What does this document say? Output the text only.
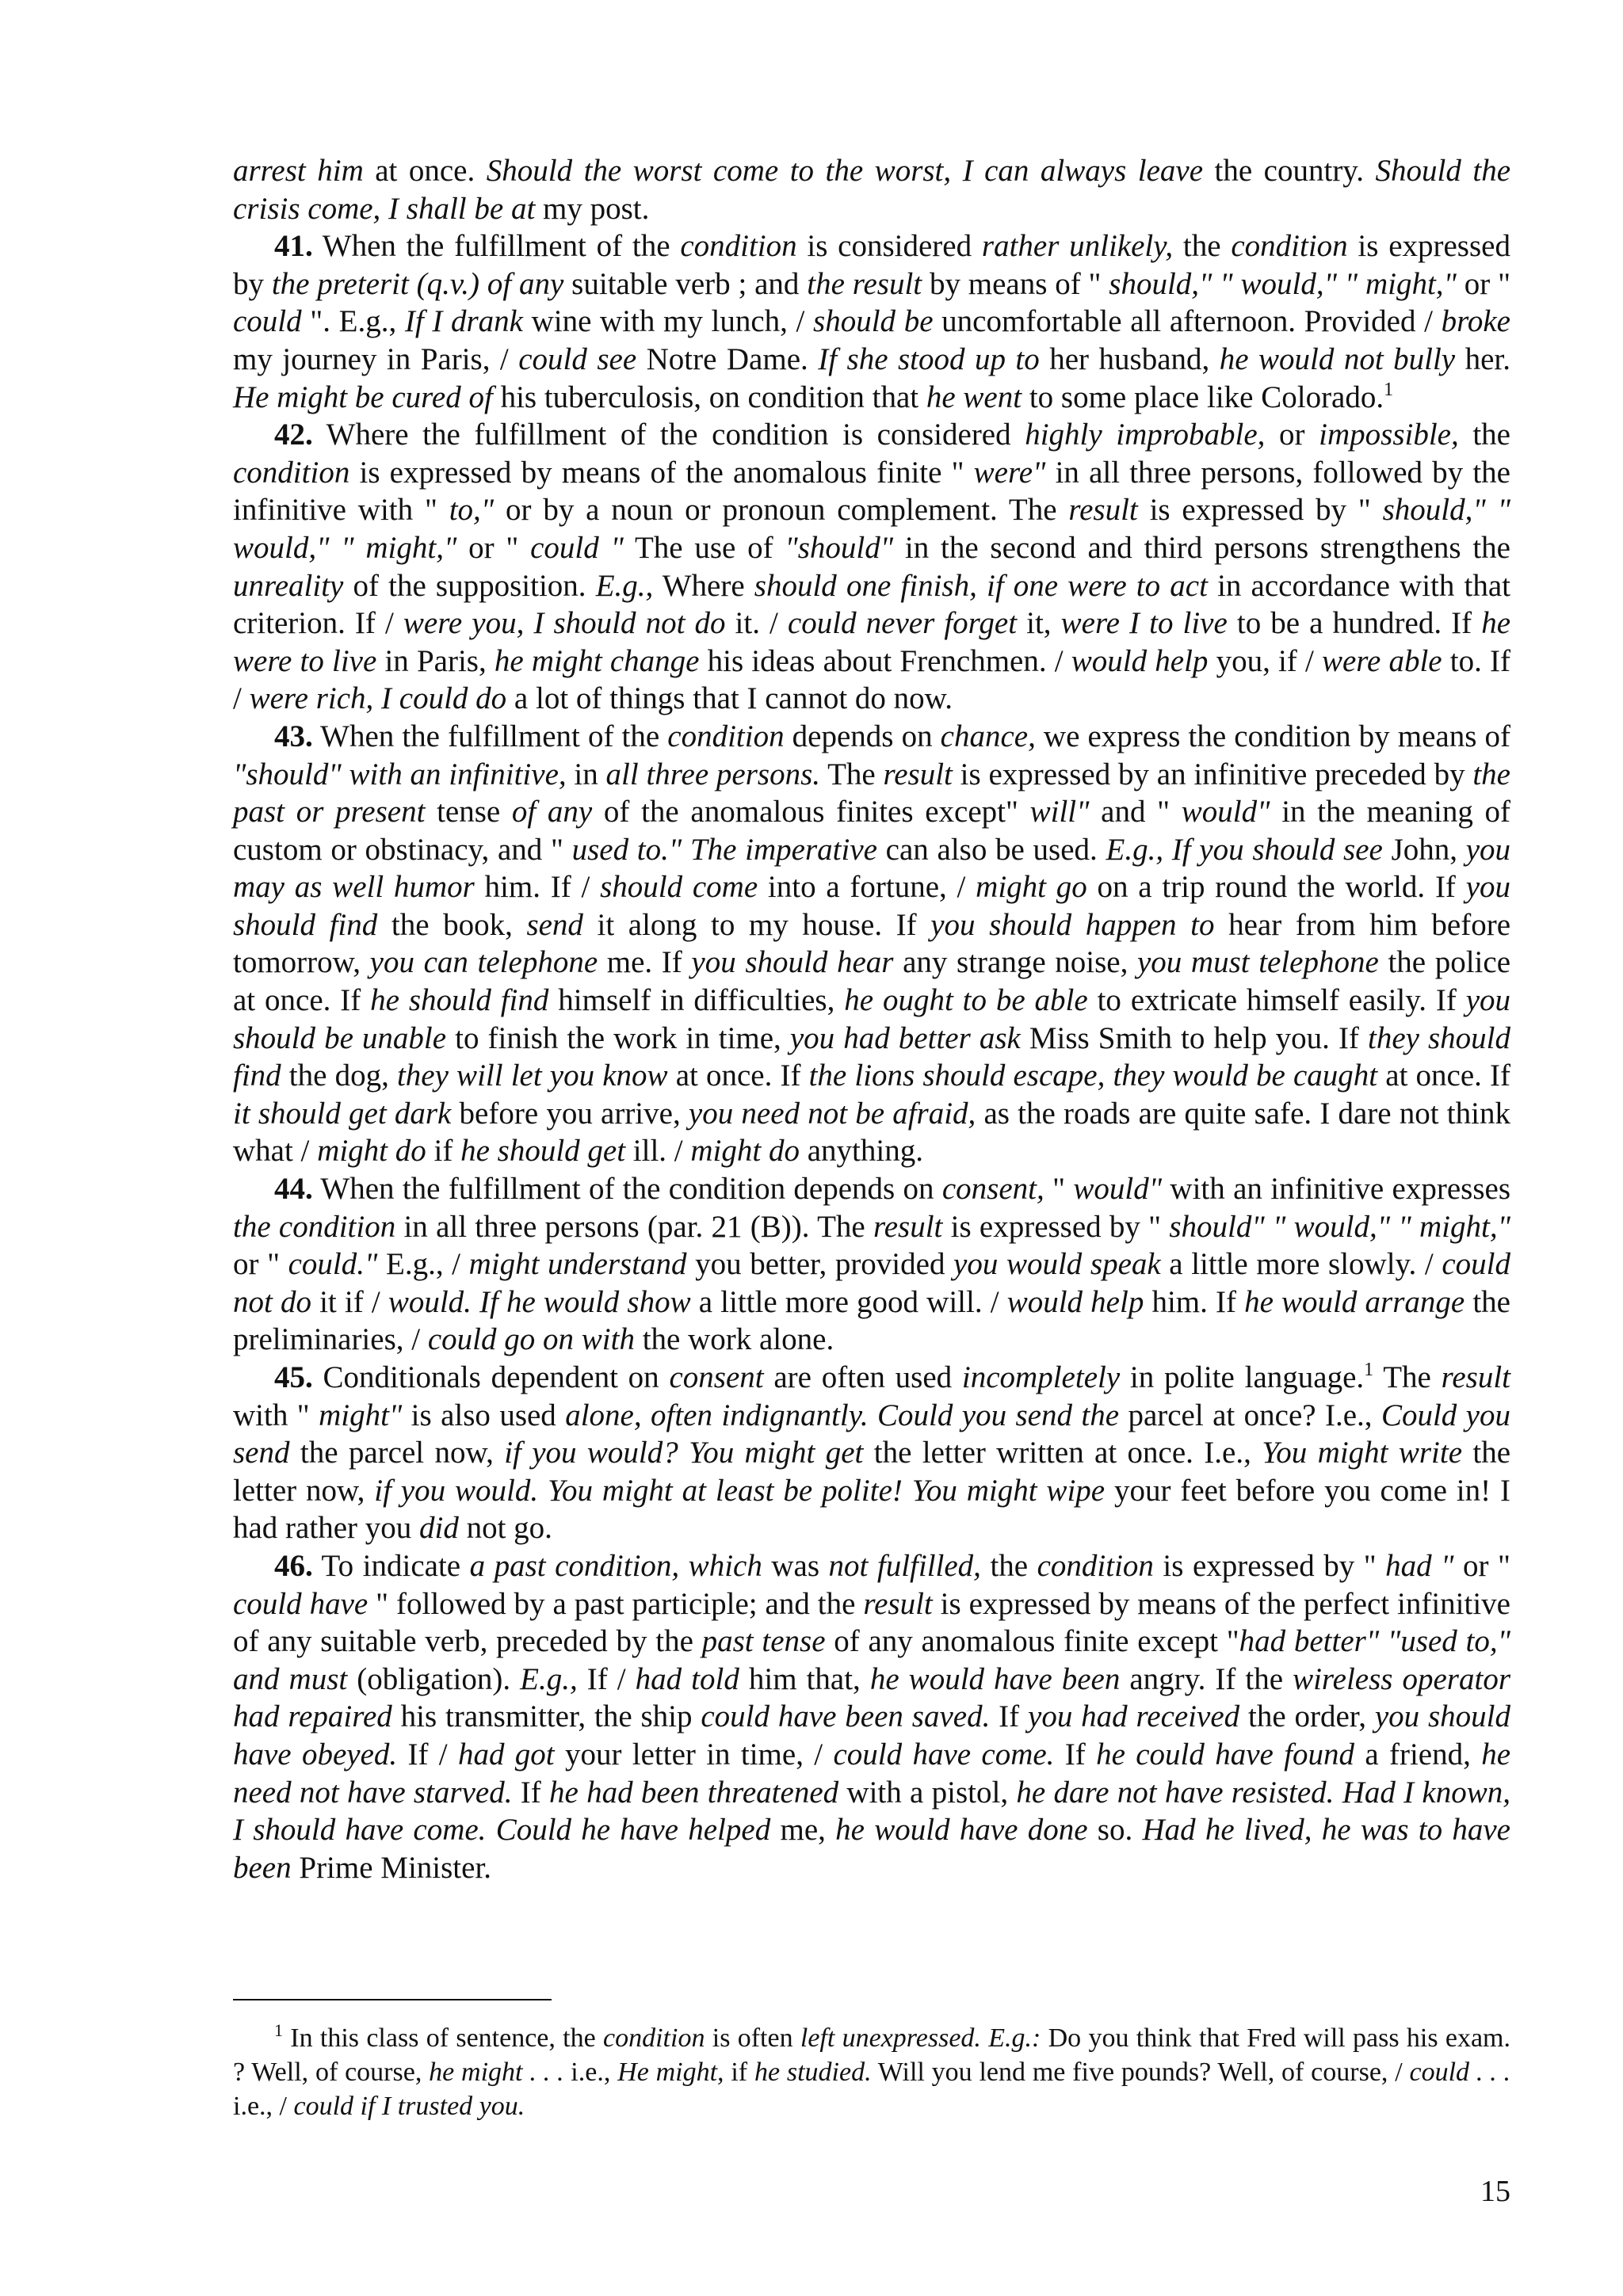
arrest him at once. Should the worst come to the worst, I can always leave the country. Should the crisis come, I shall be at my post.

41. When the fulfillment of the condition is considered rather unlikely, the condition is expressed by the preterit (q.v.) of any suitable verb ; and the result by means of " should," " would," " might," or " could ". E.g., If I drank wine with my lunch, / should be uncomfortable all afternoon. Provided / broke my journey in Paris, / could see Notre Dame. If she stood up to her husband, he would not bully her. He might be cured of his tuberculosis, on condition that he went to some place like Colorado.$^1$

42. Where the fulfillment of the condition is considered highly improbable, or impossible, the condition is expressed by means of the anomalous finite " were" in all three persons, followed by the infinitive with " to," or by a noun or pronoun complement. The result is expressed by " should," " would," " might," or " could " The use of "should" in the second and third persons strengthens the unreality of the supposition. E.g., Where should one finish, if one were to act in accordance with that criterion. If / were you, I should not do it. / could never forget it, were I to live to be a hundred. If he were to live in Paris, he might change his ideas about Frenchmen. / would help you, if / were able to. If / were rich, I could do a lot of things that I cannot do now.

43. When the fulfillment of the condition depends on chance, we express the condition by means of "should" with an infinitive, in all three persons. The result is expressed by an infinitive preceded by the past or present tense of any of the anomalous finites except" will" and " would" in the meaning of custom or obstinacy, and " used to." The imperative can also be used. E.g., If you should see John, you may as well humor him. If / should come into a fortune, / might go on a trip round the world. If you should find the book, send it along to my house. If you should happen to hear from him before tomorrow, you can telephone me. If you should hear any strange noise, you must telephone the police at once. If he should find himself in difficulties, he ought to be able to extricate himself easily. If you should be unable to finish the work in time, you had better ask Miss Smith to help you. If they should find the dog, they will let you know at once. If the lions should escape, they would be caught at once. If it should get dark before you arrive, you need not be afraid, as the roads are quite safe. I dare not think what / might do if he should get ill. / might do anything.

44. When the fulfillment of the condition depends on consent, " would" with an infinitive expresses the condition in all three persons (par. 21 (B)). The result is expressed by " should" " would," " might," or " could." E.g., / might understand you better, provided you would speak a little more slowly. / could not do it if / would. If he would show a little more good will. / would help him. If he would arrange the preliminaries, / could go on with the work alone.

45. Conditionals dependent on consent are often used incompletely in polite language.$^1$ The result with " might" is also used alone, often indignantly. Could you send the parcel at once? I.e., Could you send the parcel now, if you would? You might get the letter written at once. I.e., You might write the letter now, if you would. You might at least be polite! You might wipe your feet before you come in! I had rather you did not go.

46. To indicate a past condition, which was not fulfilled, the condition is expressed by " had " or " could have " followed by a past participle; and the result is expressed by means of the perfect infinitive of any suitable verb, preceded by the past tense of any anomalous finite except "had better" "used to," and must (obligation). E.g., If / had told him that, he would have been angry. If the wireless operator had repaired his transmitter, the ship could have been saved. If you had received the order, you should have obeyed. If / had got your letter in time, / could have come. If he could have found a friend, he need not have starved. If he had been threatened with a pistol, he dare not have resisted. Had I known, I should have come. Could he have helped me, he would have done so. Had he lived, he was to have been Prime Minister.

$^1$ In this class of sentence, the condition is often left unexpressed. E.g.: Do you think that Fred will pass his exam. ? Well, of course, he might . . . i.e., He might, if he studied. Will you lend me five pounds? Well, of course, / could . . . i.e., / could if I trusted you.

15
